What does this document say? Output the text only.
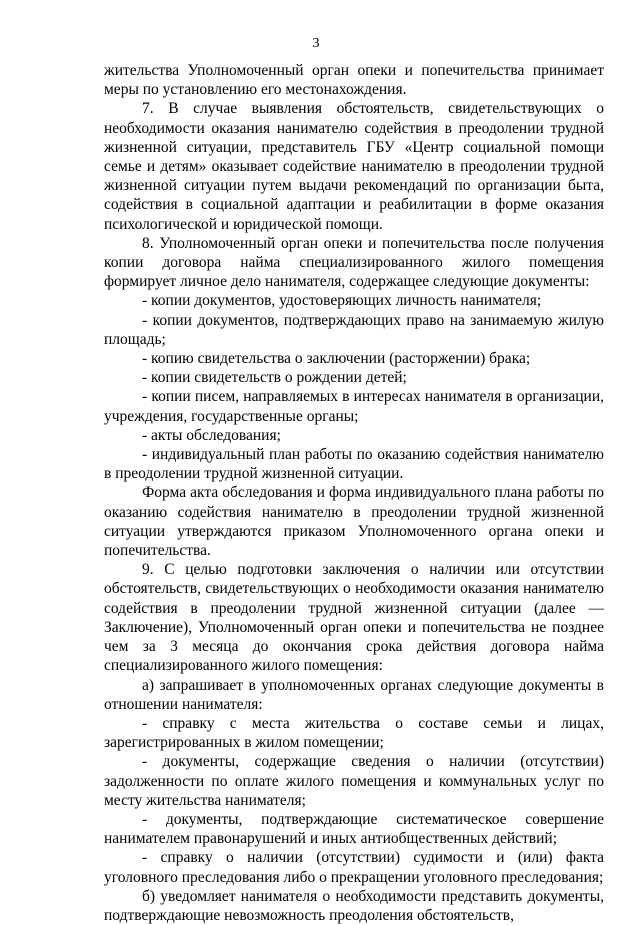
3

жительства Уполномоченный орган опеки и попечительства принимает меры по установлению его местонахождения.

7. В случае выявления обстоятельств, свидетельствующих о необходимости оказания нанимателю содействия в преодолении трудной жизненной ситуации, представитель ГБУ «Центр социальной помощи семье и детям» оказывает содействие нанимателю в преодолении трудной жизненной ситуации путем выдачи рекомендаций по организации быта, содействия в социальной адаптации и реабилитации в форме оказания психологической и юридической помощи.

8. Уполномоченный орган опеки и попечительства после получения копии договора найма специализированного жилого помещения формирует личное дело нанимателя, содержащее следующие документы:

- копии документов, удостоверяющих личность нанимателя;

- копии документов, подтверждающих право на занимаемую жилую площадь;

- копию свидетельства о заключении (расторжении) брака;

- копии свидетельств о рождении детей;

- копии писем, направляемых в интересах нанимателя в организации, учреждения, государственные органы;

- акты обследования;

- индивидуальный план работы по оказанию содействия нанимателю в преодолении трудной жизненной ситуации.

Форма акта обследования и форма индивидуального плана работы по оказанию содействия нанимателю в преодолении трудной жизненной ситуации утверждаются приказом Уполномоченного органа опеки и попечительства.

9. С целью подготовки заключения о наличии или отсутствии обстоятельств, свидетельствующих о необходимости оказания нанимателю содействия в преодолении трудной жизненной ситуации (далее — Заключение), Уполномоченный орган опеки и попечительства не позднее чем за 3 месяца до окончания срока действия договора найма специализированного жилого помещения:

а) запрашивает в уполномоченных органах следующие документы в отношении нанимателя:

- справку с места жительства о составе семьи и лицах, зарегистрированных в жилом помещении;

- документы, содержащие сведения о наличии (отсутствии) задолженности по оплате жилого помещения и коммунальных услуг по месту жительства нанимателя;

- документы, подтверждающие систематическое совершение нанимателем правонарушений и иных антиобщественных действий;

- справку о наличии (отсутствии) судимости и (или) факта уголовного преследования либо о прекращении уголовного преследования;

б) уведомляет нанимателя о необходимости представить документы, подтверждающие невозможность преодоления обстоятельств,
